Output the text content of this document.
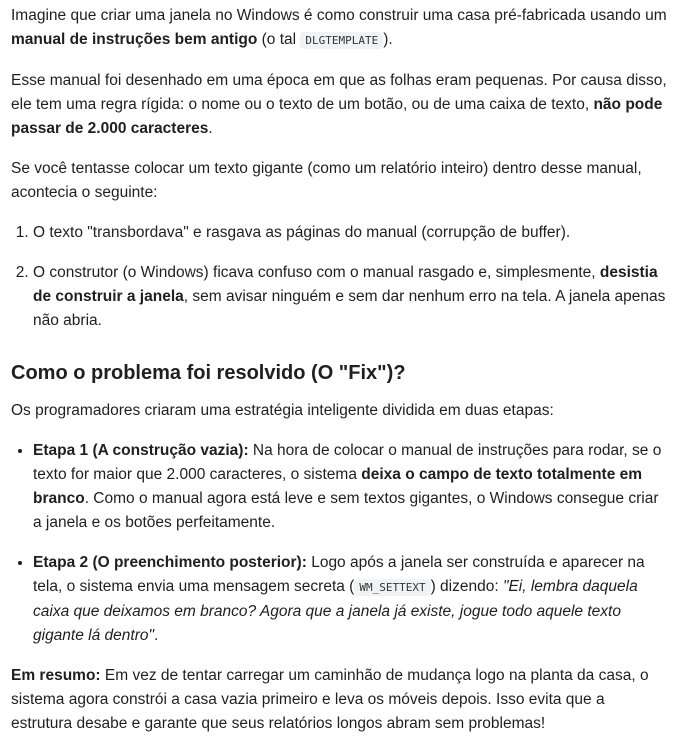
Imagine que criar uma janela no Windows é como construir uma casa pré-fabricada usando um manual de instruções bem antigo (o tal DLGTEMPLATE ).

Esse manual foi desenhado em uma época em que as folhas eram pequenas. Por causa disso, ele tem uma regra rígida: o nome ou o texto de um botão, ou de uma caixa de texto, não pode passar de 2.000 caracteres.

Se você tentasse colocar um texto gigante (como um relatório inteiro) dentro desse manual, acontecia o seguinte:

1. O texto "transbordava" e rasgava as páginas do manual (corrupção de buffer).
2. O construtor (o Windows) ficava confuso com o manual rasgado e, simplesmente, desistia de construir a janela, sem avisar ninguém e sem dar nenhum erro na tela. A janela apenas não abria.
Como o problema foi resolvido (O "Fix")?

Os programadores criaram uma estratégia inteligente dividida em duas etapas:

• Etapa 1 (A construção vazia): Na hora de colocar o manual de instruções para rodar, se o texto for maior que 2.000 caracteres, o sistema deixa o campo de texto totalmente em branco. Como o manual agora está leve e sem textos gigantes, o Windows consegue criar a janela e os botões perfeitamente.
• Etapa 2 (O preenchimento posterior): Logo após a janela ser construída e aparecer na tela, o sistema envia uma mensagem secreta ( WM_SETTEXT ) dizendo: "Ei, lembra daquela caixa que deixamos em branco? Agora que a janela já existe, jogue todo aquele texto gigante lá dentro".

Em resumo: Em vez de tentar carregar um caminhão de mudança logo na planta da casa, o sistema agora constrói a casa vazia primeiro e leva os móveis depois. Isso evita que a estrutura desabe e garante que seus relatórios longos abram sem problemas!
